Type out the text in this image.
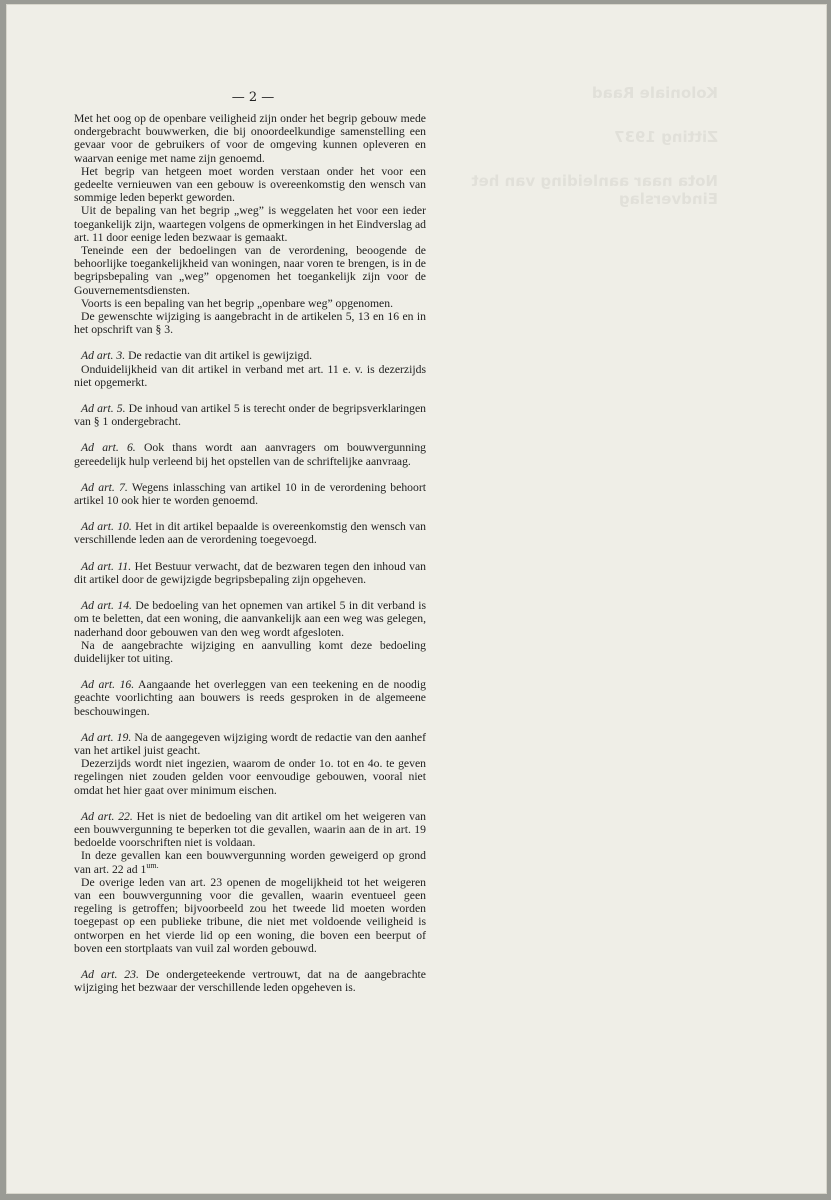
Koloniale Raad
Zitting 1937
Nota naar aanleiding van het Eindverslag
— 2 —

Met het oog op de openbare veiligheid zijn onder het begrip gebouw mede ondergebracht bouwwerken, die bij onoordeelkundige samenstelling een gevaar voor de gebruikers of voor de omgeving kunnen opleveren en waarvan eenige met name zijn genoemd.

Het begrip van hetgeen moet worden verstaan onder het voor een gedeelte vernieuwen van een gebouw is overeenkomstig den wensch van sommige leden beperkt geworden.

Uit de bepaling van het begrip „weg” is weggelaten het voor een ieder toegankelijk zijn, waartegen volgens de opmerkingen in het Eindverslag ad art. 11 door eenige leden bezwaar is gemaakt.

Teneinde een der bedoelingen van de verordening, beoogende de behoorlijke toegankelijkheid van woningen, naar voren te brengen, is in de begripsbepaling van „weg” opgenomen het toegankelijk zijn voor de Gouvernementsdiensten.

Voorts is een bepaling van het begrip „openbare weg” opgenomen.

De gewenschte wijziging is aangebracht in de artikelen 5, 13 en 16 en in het opschrift van § 3.

Ad art. 3. De redactie van dit artikel is gewijzigd.

Onduidelijkheid van dit artikel in verband met art. 11 e. v. is dezerzijds niet opgemerkt.

Ad art. 5. De inhoud van artikel 5 is terecht onder de begripsverklaringen van § 1 ondergebracht.

Ad art. 6. Ook thans wordt aan aanvragers om bouwvergunning gereedelijk hulp verleend bij het opstellen van de schriftelijke aanvraag.

Ad art. 7. Wegens inlassching van artikel 10 in de verordening behoort artikel 10 ook hier te worden genoemd.

Ad art. 10. Het in dit artikel bepaalde is overeenkomstig den wensch van verschillende leden aan de verordening toegevoegd.

Ad art. 11. Het Bestuur verwacht, dat de bezwaren tegen den inhoud van dit artikel door de gewijzigde begripsbepaling zijn opgeheven.

Ad art. 14. De bedoeling van het opnemen van artikel 5 in dit verband is om te beletten, dat een woning, die aanvankelijk aan een weg was gelegen, naderhand door gebouwen van den weg wordt afgesloten.

Na de aangebrachte wijziging en aanvulling komt deze bedoeling duidelijker tot uiting.

Ad art. 16. Aangaande het overleggen van een teekening en de noodig geachte voorlichting aan bouwers is reeds gesproken in de algemeene beschouwingen.

Ad art. 19. Na de aangegeven wijziging wordt de redactie van den aanhef van het artikel juist geacht.

Dezerzijds wordt niet ingezien, waarom de onder 1o. tot en 4o. te geven regelingen niet zouden gelden voor eenvoudige gebouwen, vooral niet omdat het hier gaat over minimum eischen.

Ad art. 22. Het is niet de bedoeling van dit artikel om het weigeren van een bouwvergunning te beperken tot die gevallen, waarin aan de in art. 19 bedoelde voorschriften niet is voldaan.

In deze gevallen kan een bouwvergunning worden geweigerd op grond van art. 22 ad $1^{um.}$

De overige leden van art. 23 openen de mogelijkheid tot het weigeren van een bouwvergunning voor die gevallen, waarin eventueel geen regeling is getroffen; bijvoorbeeld zou het tweede lid moeten worden toegepast op een publieke tribune, die niet met voldoende veiligheid is ontworpen en het vierde lid op een woning, die boven een beerput of boven een stortplaats van vuil zal worden gebouwd.

Ad art. 23. De ondergeteekende vertrouwt, dat na de aangebrachte wijziging het bezwaar der verschillende leden opgeheven is.
